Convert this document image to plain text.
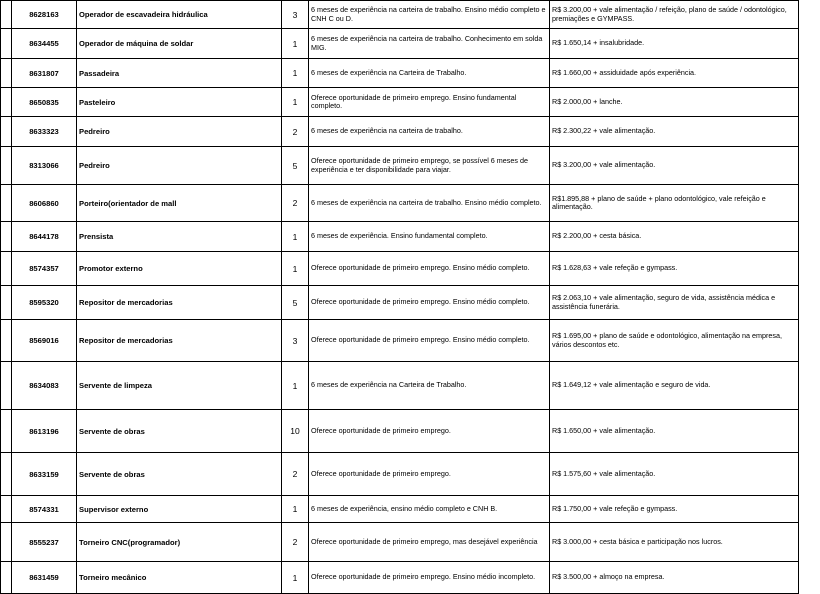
	8628163	Operador de escavadeira hidráulica	3	6 meses de experiência na carteira de trabalho. Ensino médio completo e CNH C ou D.	R$ 3.200,00 + vale alimentação / refeição, plano de saúde / odontológico, premiações e GYMPASS.
	8634455	Operador de máquina de soldar	1	6 meses de experiência na carteira de trabalho. Conhecimento em solda MIG.	R$ 1.650,14 + insalubridade.
	8631807	Passadeira	1	6 meses de experiência na Carteira de Trabalho.	R$ 1.660,00 + assiduidade após experiência.
	8650835	Pasteleiro	1	Oferece oportunidade de primeiro emprego. Ensino fundamental completo.	R$ 2.000,00 + lanche.
	8633323	Pedreiro	2	6 meses de experiência na carteira de trabalho.	R$ 2.300,22 + vale alimentação.
	8313066	Pedreiro	5	Oferece oportunidade de primeiro emprego, se possível 6 meses de experiência e ter disponibilidade para viajar.	R$ 3.200,00 + vale alimentação.
	8606860	Porteiro(orientador de mall	2	6 meses de experiência na carteira de trabalho. Ensino médio completo.	R$1.895,88 + plano de saúde + plano odontológico, vale refeição e alimentação.
	8644178	Prensista	1	6 meses de experiência. Ensino fundamental completo.	R$ 2.200,00 + cesta básica.
	8574357	Promotor externo	1	Oferece oportunidade de primeiro emprego. Ensino médio completo.	R$ 1.628,63 + vale refeção e gympass.
	8595320	Repositor de mercadorias	5	Oferece oportunidade de primeiro emprego. Ensino médio completo.	R$ 2.063,10 + vale alimentação, seguro de vida, assistência médica e assistência funerária.
	8569016	Repositor de mercadorias	3	Oferece oportunidade de primeiro emprego. Ensino médio completo.	R$ 1.695,00 + plano de saúde e odontológico, alimentação na empresa, vários descontos etc.
	8634083	Servente de limpeza	1	6 meses de experiência na Carteira de Trabalho.	R$ 1.649,12 + vale alimentação e seguro de vida.
	8613196	Servente de obras	10	Oferece oportunidade de primeiro emprego.	R$ 1.650,00 + vale alimentação.
	8633159	Servente de obras	2	Oferece oportunidade de primeiro emprego.	R$ 1.575,60 + vale alimentação.
	8574331	Supervisor externo	1	6 meses de experiência, ensino médio completo e CNH B.	R$ 1.750,00 + vale refeção e gympass.
	8555237	Torneiro CNC(programador)	2	Oferece oportunidade de primeiro emprego, mas desejável experiência	R$ 3.000,00 + cesta básica e participação nos lucros.
	8631459	Torneiro mecânico	1	Oferece oportunidade de primeiro emprego. Ensino médio incompleto.	R$ 3.500,00 + almoço na empresa.
